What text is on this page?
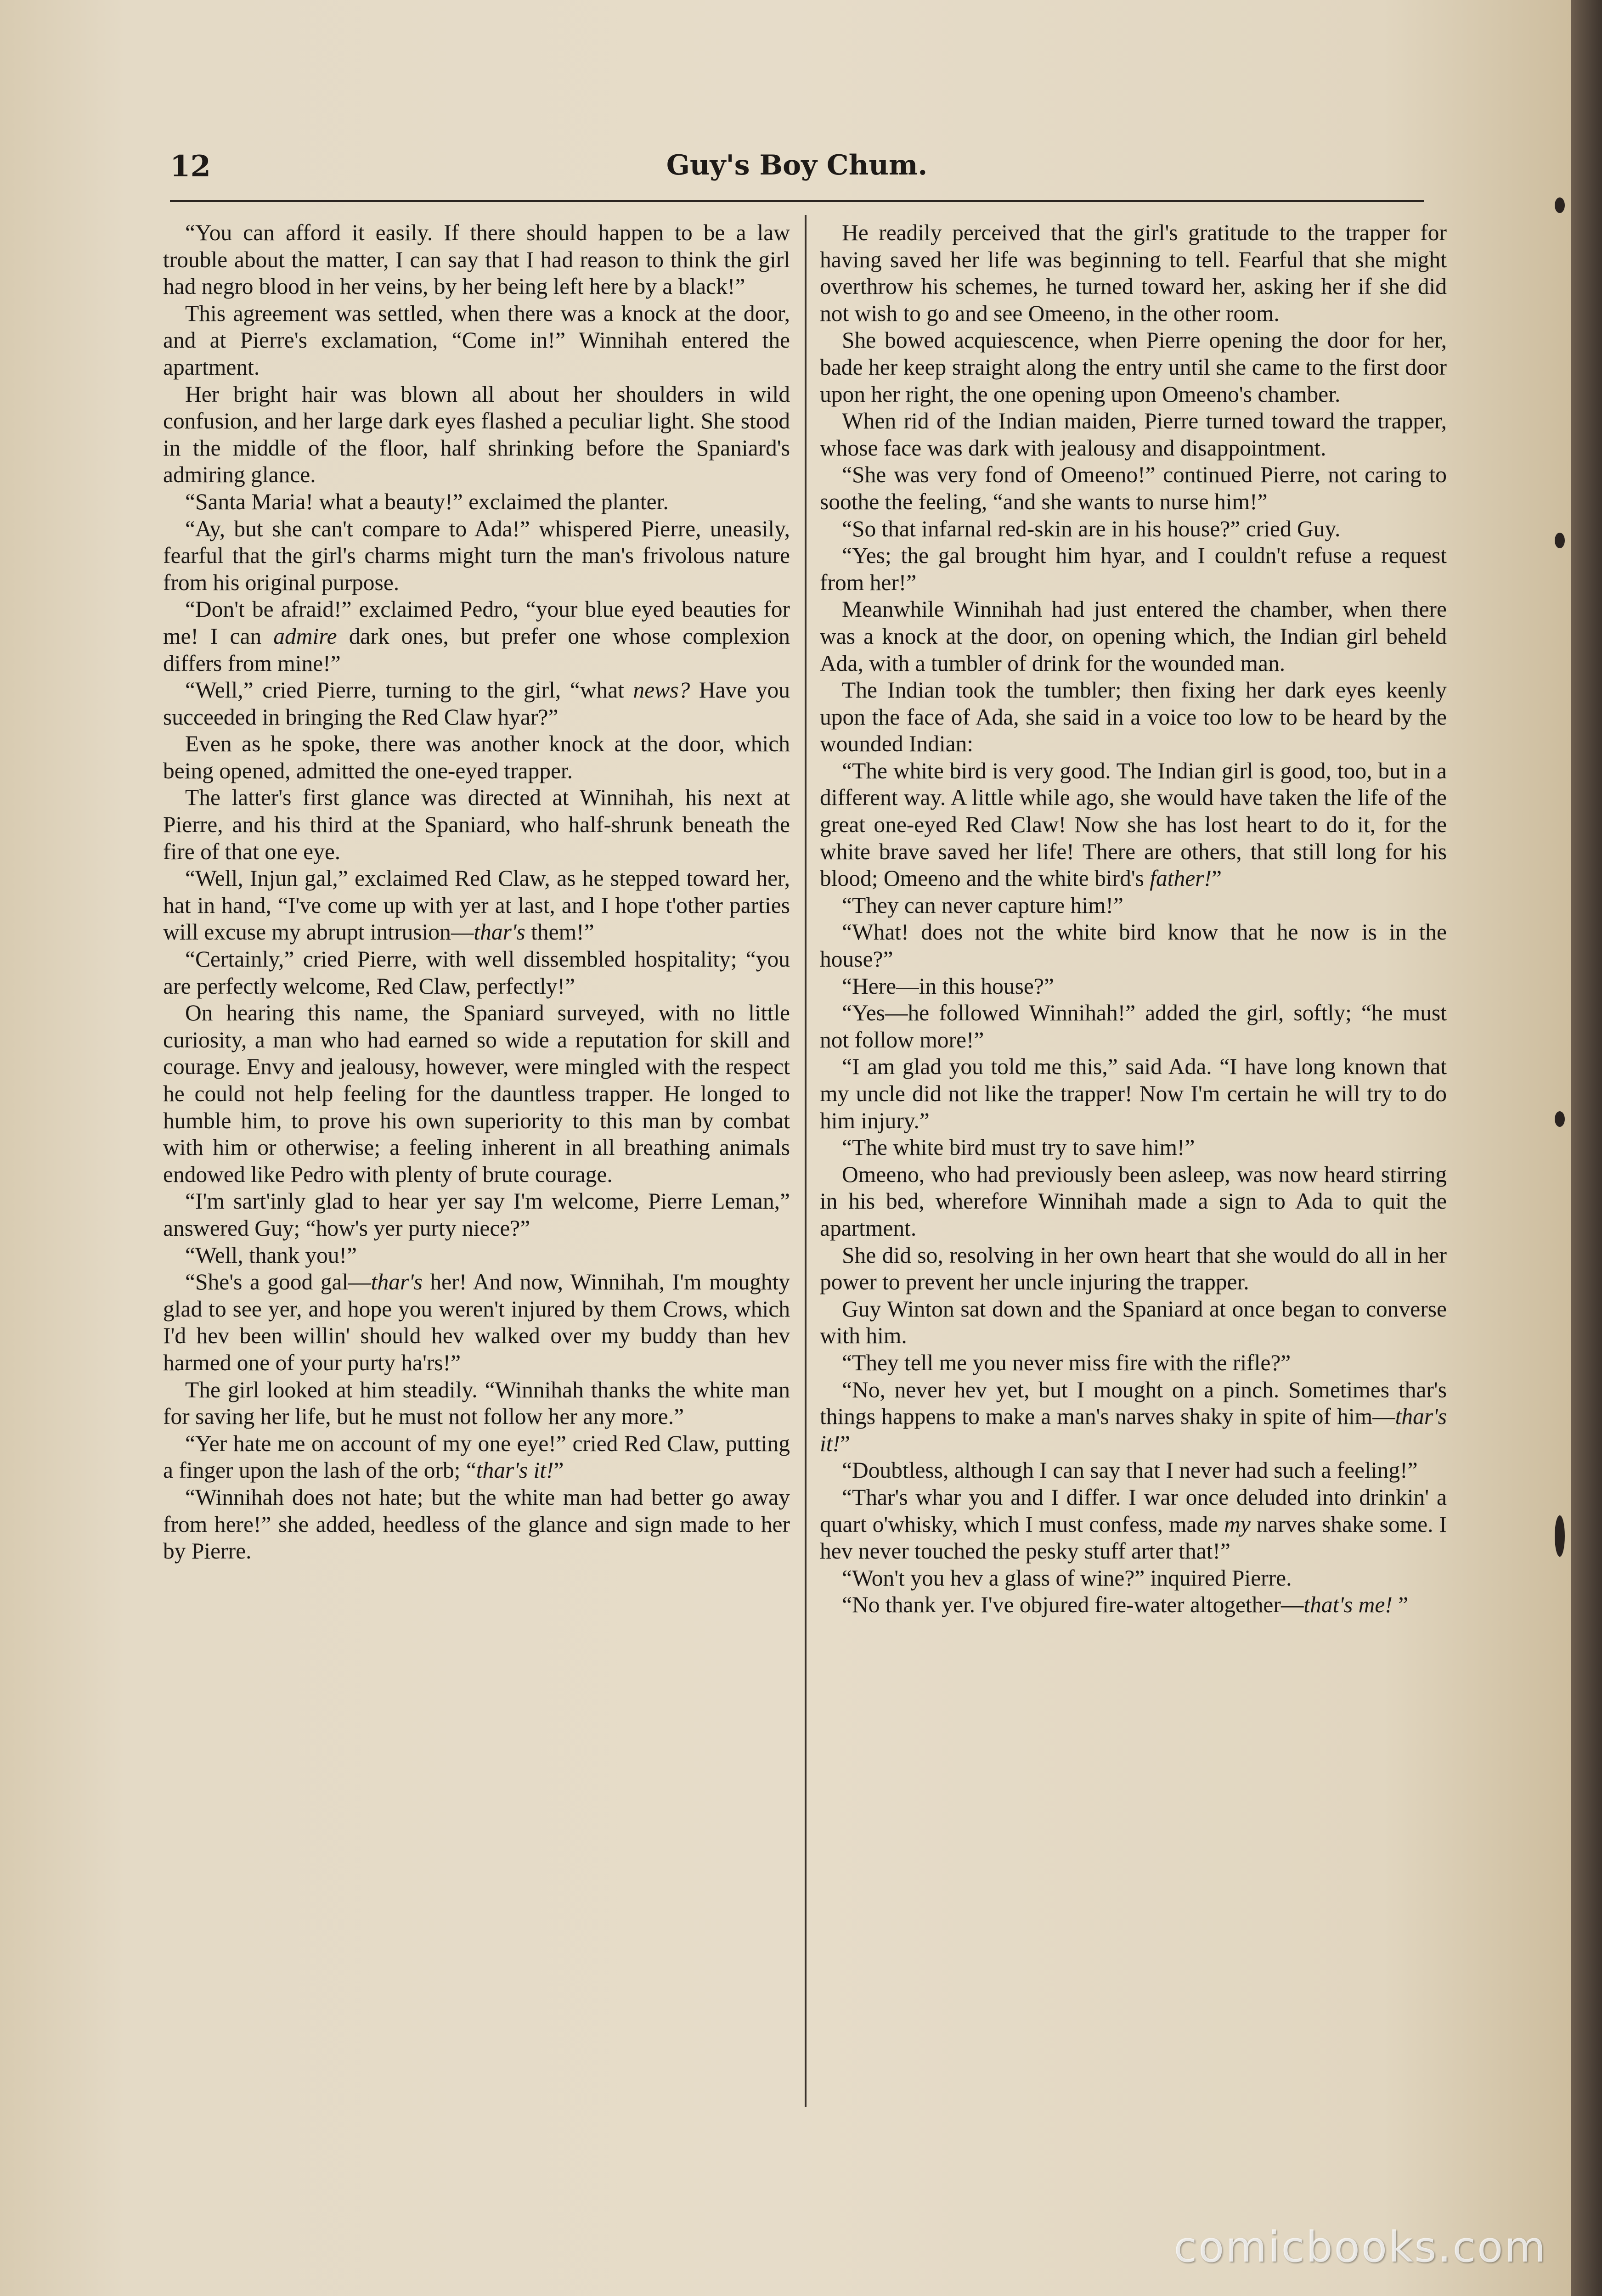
12	Guy's Boy Chum.

“You can afford it easily. If there should happen to be a law trouble about the matter, I can say that I had reason to think the girl had negro blood in her veins, by her being left here by a black!”

This agreement was settled, when there was a knock at the door, and at Pierre's exclamation, “Come in!” Winnihah entered the apartment.

Her bright hair was blown all about her shoulders in wild confusion, and her large dark eyes flashed a peculiar light. She stood in the middle of the floor, half shrinking before the Spaniard's admiring glance.

“Santa Maria! what a beauty!” exclaimed the planter.

“Ay, but she can't compare to Ada!” whispered Pierre, uneasily, fearful that the girl's charms might turn the man's frivolous nature from his original purpose.

“Don't be afraid!” exclaimed Pedro, “your blue eyed beauties for me! I can admire dark ones, but prefer one whose complexion differs from mine!”

“Well,” cried Pierre, turning to the girl, “what news? Have you succeeded in bringing the Red Claw hyar?”

Even as he spoke, there was another knock at the door, which being opened, admitted the one-eyed trapper.

The latter's first glance was directed at Winnihah, his next at Pierre, and his third at the Spaniard, who half-shrunk beneath the fire of that one eye.

“Well, Injun gal,” exclaimed Red Claw, as he stepped toward her, hat in hand, “I've come up with yer at last, and I hope t'other parties will excuse my abrupt intrusion—thar's them!”

“Certainly,” cried Pierre, with well dissembled hospitality; “you are perfectly welcome, Red Claw, perfectly!”

On hearing this name, the Spaniard surveyed, with no little curiosity, a man who had earned so wide a reputation for skill and courage. Envy and jealousy, however, were mingled with the respect he could not help feeling for the dauntless trapper. He longed to humble him, to prove his own superiority to this man by combat with him or otherwise; a feeling inherent in all breathing animals endowed like Pedro with plenty of brute courage.

“I'm sart'inly glad to hear yer say I'm welcome, Pierre Leman,” answered Guy; “how's yer purty niece?”

“Well, thank you!”

“She's a good gal—thar's her! And now, Winnihah, I'm moughty glad to see yer, and hope you weren't injured by them Crows, which I'd hev been willin' should hev walked over my buddy than hev harmed one of your purty ha'rs!”

The girl looked at him steadily. “Winnihah thanks the white man for saving her life, but he must not follow her any more.”

“Yer hate me on account of my one eye!” cried Red Claw, putting a finger upon the lash of the orb; “thar's it!”

“Winnihah does not hate; but the white man had better go away from here!” she added, heedless of the glance and sign made to her by Pierre.

He readily perceived that the girl's gratitude to the trapper for having saved her life was beginning to tell. Fearful that she might overthrow his schemes, he turned toward her, asking her if she did not wish to go and see Omeeno, in the other room.

She bowed acquiescence, when Pierre opening the door for her, bade her keep straight along the entry until she came to the first door upon her right, the one opening upon Omeeno's chamber.

When rid of the Indian maiden, Pierre turned toward the trapper, whose face was dark with jealousy and disappointment.

“She was very fond of Omeeno!” continued Pierre, not caring to soothe the feeling, “and she wants to nurse him!”

“So that infarnal red-skin are in his house?” cried Guy.

“Yes; the gal brought him hyar, and I couldn't refuse a request from her!”

Meanwhile Winnihah had just entered the chamber, when there was a knock at the door, on opening which, the Indian girl beheld Ada, with a tumbler of drink for the wounded man.

The Indian took the tumbler; then fixing her dark eyes keenly upon the face of Ada, she said in a voice too low to be heard by the wounded Indian:

“The white bird is very good. The Indian girl is good, too, but in a different way. A little while ago, she would have taken the life of the great one-eyed Red Claw! Now she has lost heart to do it, for the white brave saved her life! There are others, that still long for his blood; Omeeno and the white bird's father!”

“They can never capture him!”

“What! does not the white bird know that he now is in the house?”

“Here—in this house?”

“Yes—he followed Winnihah!” added the girl, softly; “he must not follow more!”

“I am glad you told me this,” said Ada. “I have long known that my uncle did not like the trapper! Now I'm certain he will try to do him injury.”

“The white bird must try to save him!”

Omeeno, who had previously been asleep, was now heard stirring in his bed, wherefore Winnihah made a sign to Ada to quit the apartment.

She did so, resolving in her own heart that she would do all in her power to prevent her uncle injuring the trapper.

Guy Winton sat down and the Spaniard at once began to converse with him.

“They tell me you never miss fire with the rifle?”

“No, never hev yet, but I mought on a pinch. Sometimes thar's things happens to make a man's narves shaky in spite of him—thar's it!”

“Doubtless, although I can say that I never had such a feeling!”

“Thar's whar you and I differ. I war once deluded into drinkin' a quart o'whisky, which I must confess, made my narves shake some. I hev never touched the pesky stuff arter that!”

“Won't you hev a glass of wine?” inquired Pierre.

“No thank yer. I've objured fire-water altogether—that's me! ”

comicbooks.com
